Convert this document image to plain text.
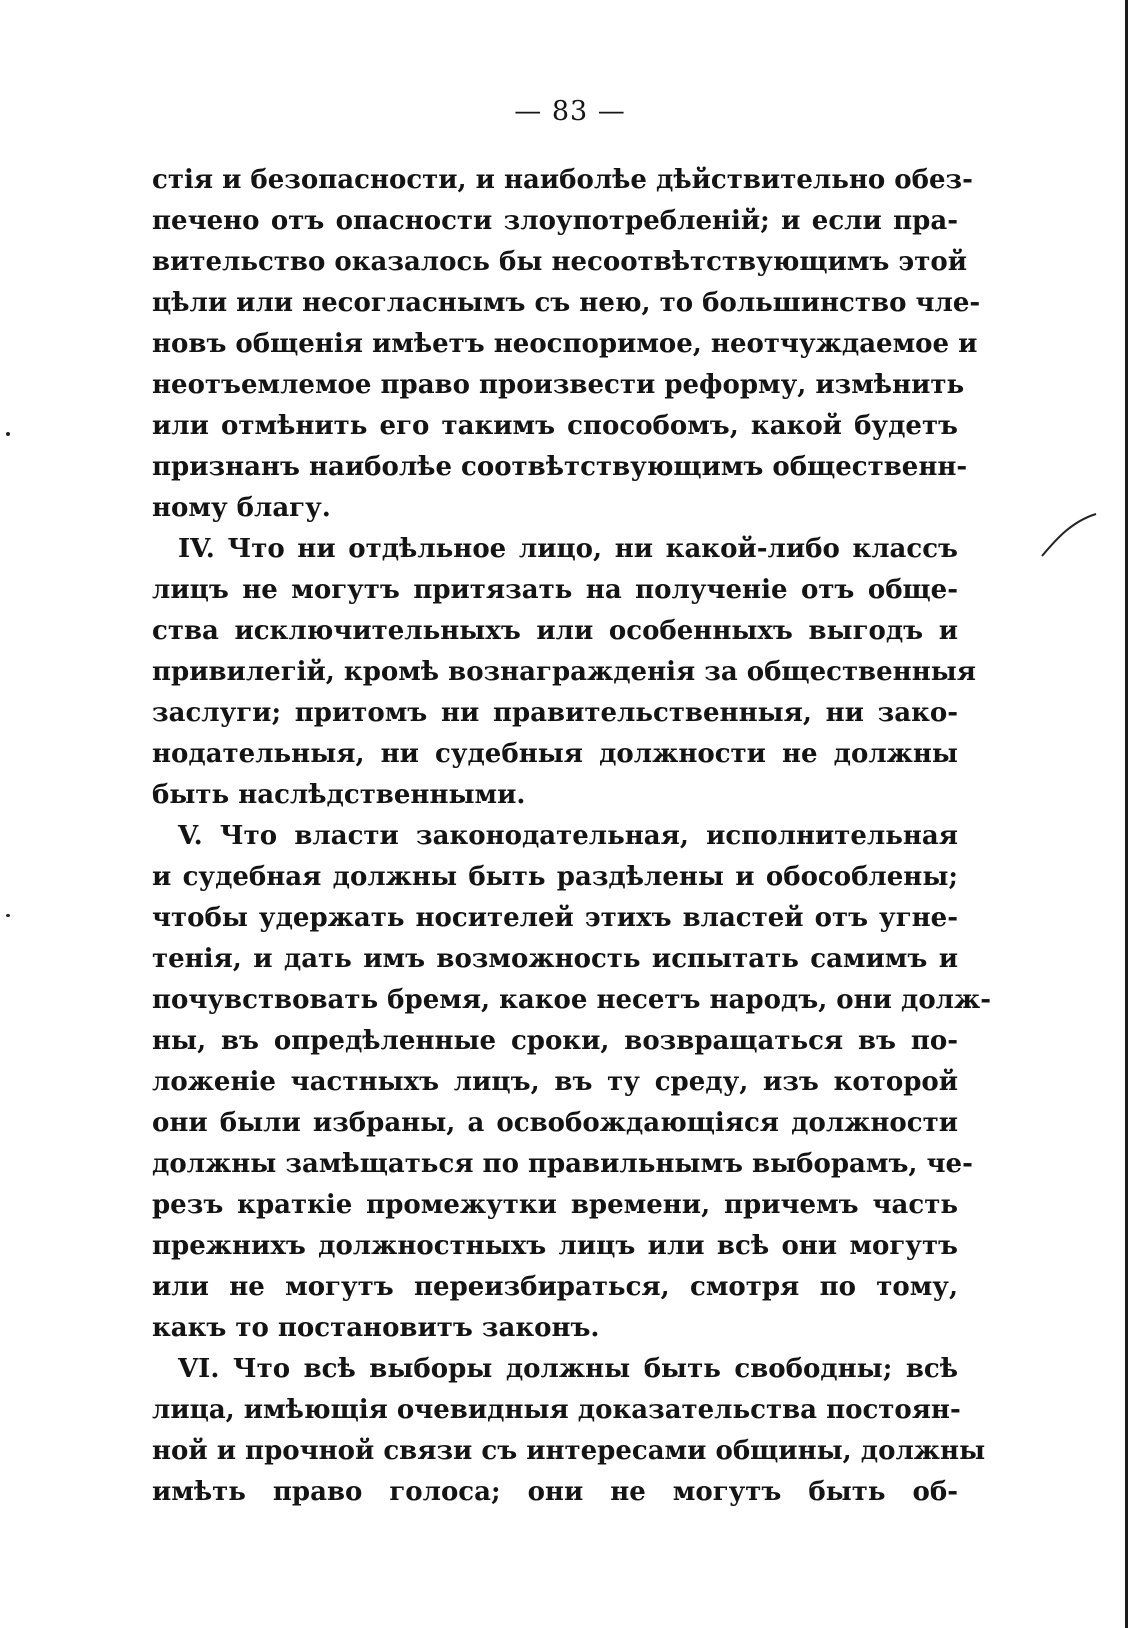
— 83 —
стія и безопасности, и наиболѣе дѣйствительно обез-
печено отъ опасности злоупотребленій; и если пра-
вительство оказалось бы несоотвѣтствующимъ этой
цѣли или несогласнымъ съ нею, то большинство чле-
новъ общенія имѣетъ неоспоримое, неотчуждаемое и
неотъемлемое право произвести реформу, измѣнить
или отмѣнить его такимъ способомъ, какой будетъ
признанъ наиболѣе соотвѣтствующимъ общественн-
ному благу.
IV. Что ни отдѣльное лицо, ни какой-либо классъ
лицъ не могутъ притязать на полученіе отъ обще-
ства исключительныхъ или особенныхъ выгодъ и
привилегій, кромѣ вознагражденія за общественныя
заслуги; притомъ ни правительственныя, ни зако-
нодательныя, ни судебныя должности не должны
быть наслѣдственными.
V. Что власти законодательная, исполнительная
и судебная должны быть раздѣлены и обособлены;
чтобы удержать носителей этихъ властей отъ угне-
тенія, и дать имъ возможность испытать самимъ и
почувствовать бремя, какое несетъ народъ, они долж-
ны, въ опредѣленные сроки, возвращаться въ по-
ложеніе частныхъ лицъ, въ ту среду, изъ которой
они были избраны, а освобождающіяся должности
должны замѣщаться по правильнымъ выборамъ, че-
резъ краткіе промежутки времени, причемъ часть
прежнихъ должностныхъ лицъ или всѣ они могутъ
или не могутъ переизбираться, смотря по тому,
какъ то постановитъ законъ.
VI. Что всѣ выборы должны быть свободны; всѣ
лица, имѣющія очевидныя доказательства постоян-
ной и прочной связи съ интересами общины, должны
имѣть право голоса; они не могутъ быть об-
